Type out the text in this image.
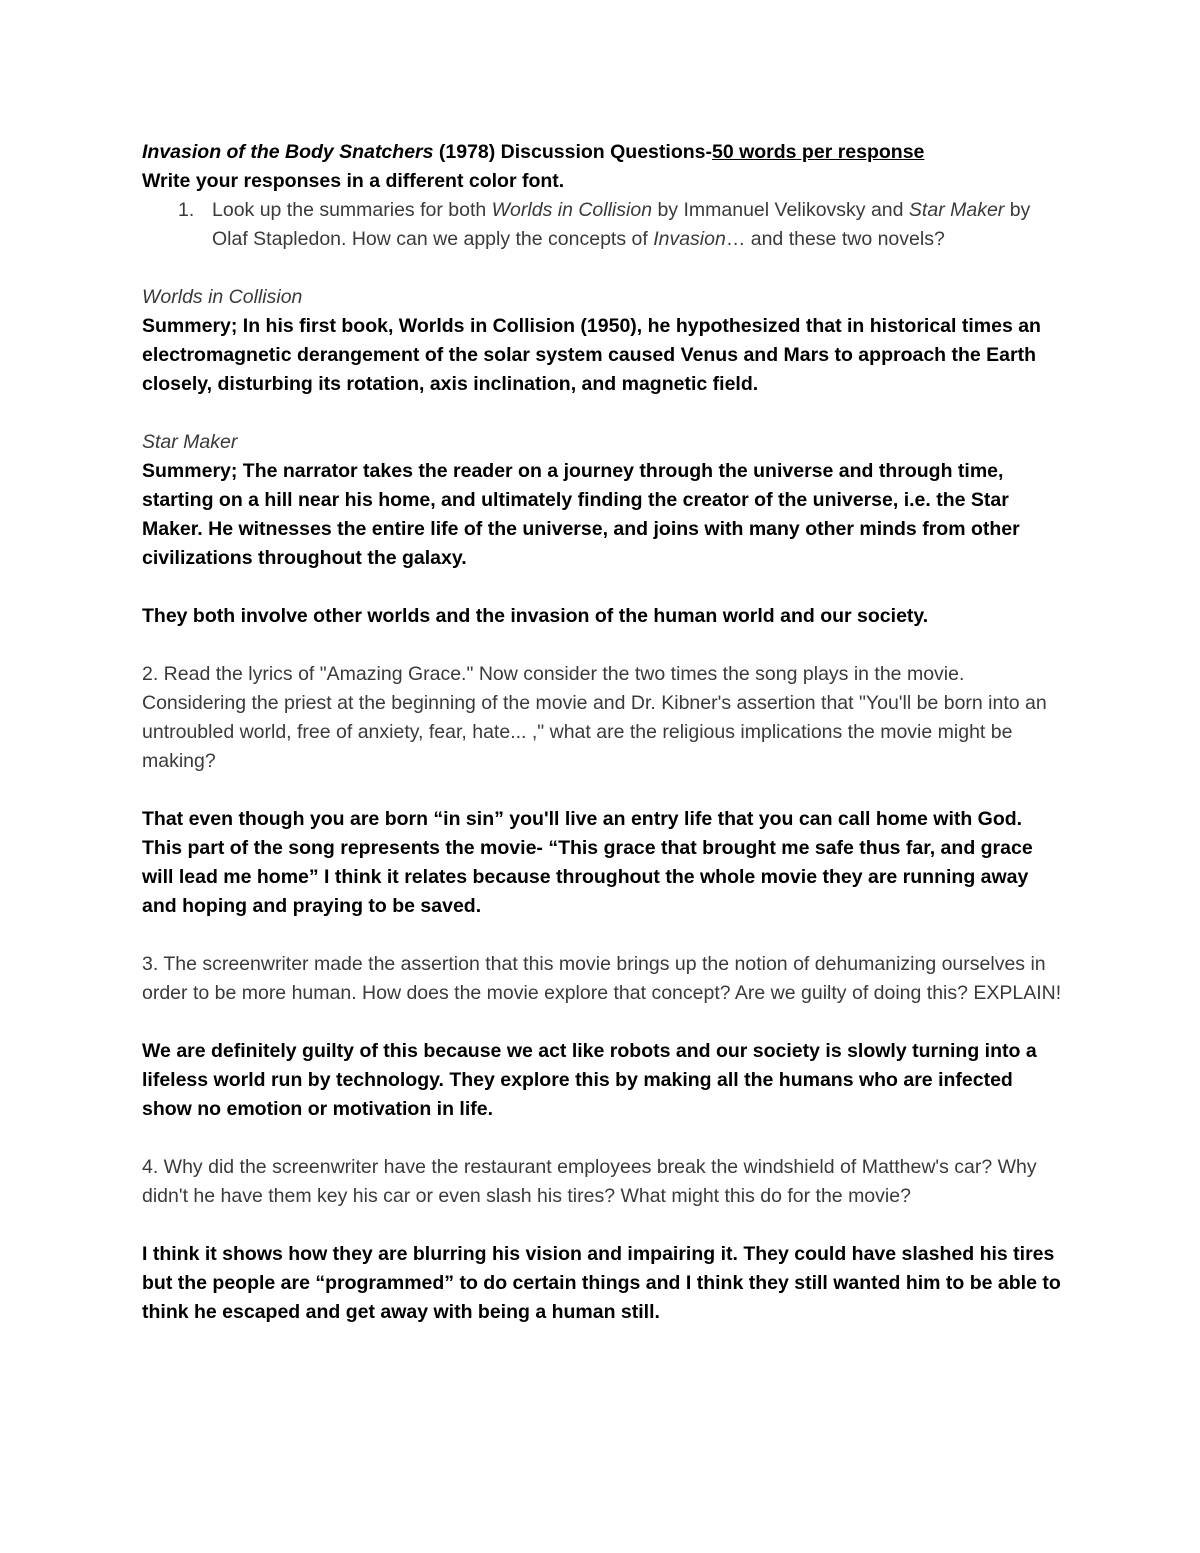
Invasion of the Body Snatchers (1978) Discussion Questions-50 words per response

Write your responses in a different color font.

1. Look up the summaries for both Worlds in Collision by Immanuel Velikovsky and Star Maker by Olaf Stapledon. How can we apply the concepts of Invasion… and these two novels?

Worlds in Collision

Summery; In his first book, Worlds in Collision (1950), he hypothesized that in historical times an electromagnetic derangement of the solar system caused Venus and Mars to approach the Earth closely, disturbing its rotation, axis inclination, and magnetic field.

Star Maker

Summery; The narrator takes the reader on a journey through the universe and through time, starting on a hill near his home, and ultimately finding the creator of the universe, i.e. the Star Maker. He witnesses the entire life of the universe, and joins with many other minds from other civilizations throughout the galaxy.

They both involve other worlds and the invasion of the human world and our society.

2. Read the lyrics of "Amazing Grace." Now consider the two times the song plays in the movie. Considering the priest at the beginning of the movie and Dr. Kibner's assertion that "You'll be born into an untroubled world, free of anxiety, fear, hate... ," what are the religious implications the movie might be making?

That even though you are born “in sin” you'll live an entry life that you can call home with God. This part of the song represents the movie- “This grace that brought me safe thus far, and grace will lead me home” I think it relates because throughout the whole movie they are running away and hoping and praying to be saved.

3. The screenwriter made the assertion that this movie brings up the notion of dehumanizing ourselves in order to be more human. How does the movie explore that concept? Are we guilty of doing this? EXPLAIN!

We are definitely guilty of this because we act like robots and our society is slowly turning into a lifeless world run by technology. They explore this by making all the humans who are infected show no emotion or motivation in life.

4. Why did the screenwriter have the restaurant employees break the windshield of Matthew's car? Why didn't he have them key his car or even slash his tires? What might this do for the movie?

I think it shows how they are blurring his vision and impairing it. They could have slashed his tires but the people are “programmed” to do certain things and I think they still wanted him to be able to think he escaped and get away with being a human still.
